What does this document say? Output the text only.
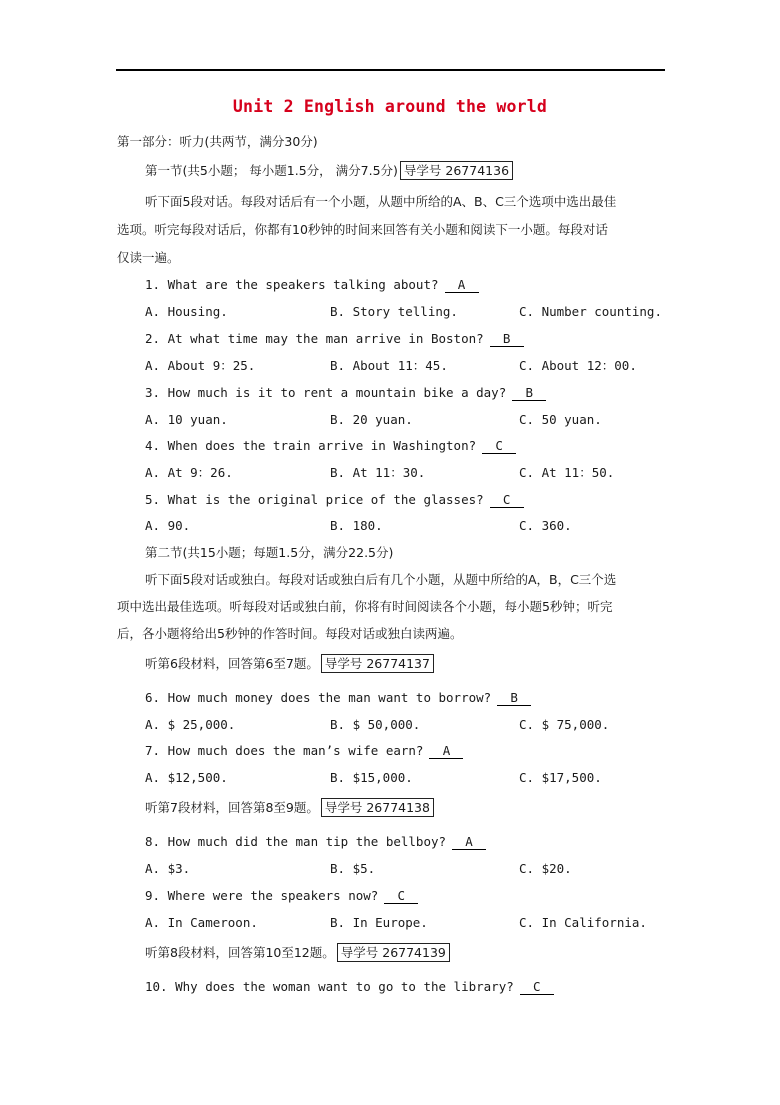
Unit 2 English around the world
第一部分：听力(共两节，满分30分)
第一节(共5小题； 每小题1.5分， 满分7.5分) 导学号 26774136
听下面5段对话。每段对话后有一个小题，从题中所给的A、B、C三个选项中选出最佳
选项。听完每段对话后，你都有10秒钟的时间来回答有关小题和阅读下一小题。每段对话
仅读一遍。
1. What are the speakers talking about? A
A. Housing.	B. Story telling.	C. Number counting.
2. At what time may the man arrive in Boston? B
A. About 9：25.	B. About 11：45.	C. About 12：00.
3. How much is it to rent a mountain bike a day? B
A. 10 yuan.	B. 20 yuan.	C. 50 yuan.
4. When does the train arrive in Washington? C
A. At 9：26.	B. At 11：30.	C. At 11：50.
5. What is the original price of the glasses? C
A. 90.	B. 180.	C. 360.
第二节(共15小题；每题1.5分，满分22.5分)
听下面5段对话或独白。每段对话或独白后有几个小题，从题中所给的A，B，C三个选
项中选出最佳选项。听每段对话或独白前，你将有时间阅读各个小题，每小题5秒钟；听完
后，各小题将给出5秒钟的作答时间。每段对话或独白读两遍。
听第6段材料，回答第6至7题。 导学号 26774137
6. How much money does the man want to borrow? B
A. $ 25,000.	B. $ 50,000.	C. $ 75,000.
7. How much does the man’s wife earn? A
A. $12,500.	B. $15,000.	C. $17,500.
听第7段材料，回答第8至9题。 导学号 26774138
8. How much did the man tip the bellboy? A
A. $3.	B. $5.	C. $20.
9. Where were the speakers now? C
A. In Cameroon.	B. In Europe.	C. In California.
听第8段材料，回答第10至12题。 导学号 26774139
10. Why does the woman want to go to the library? C
